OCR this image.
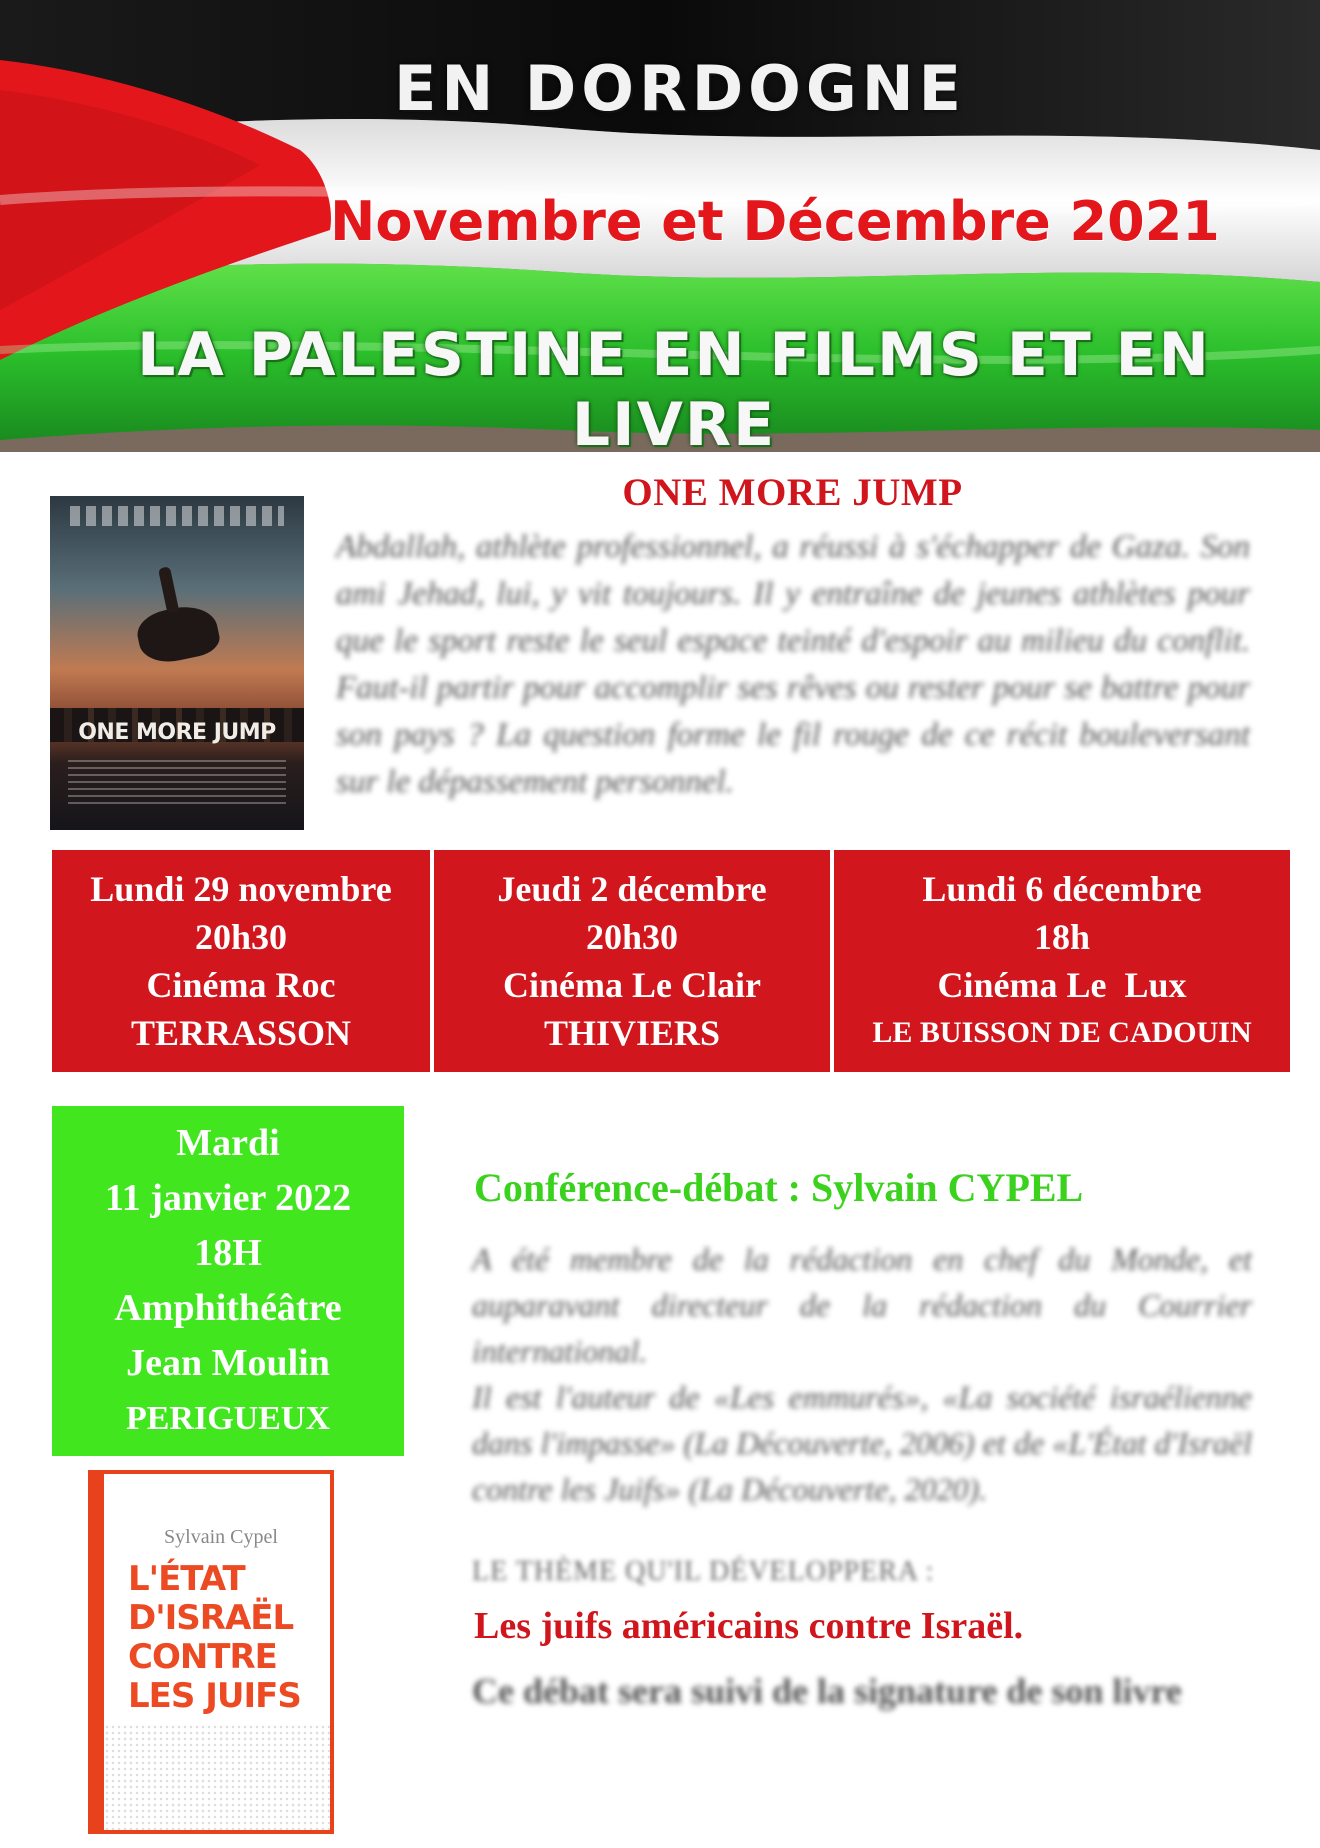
EN DORDOGNE

Novembre et Décembre 2021

LA PALESTINE EN FILMS ET EN LIVRE

ONE MORE JUMP
ONE MORE JUMP

Abdallah, athlète professionnel, a réussi à s'échapper de Gaza. Son ami Jehad, lui, y vit toujours. Il y entraîne de jeunes athlètes pour que le sport reste le seul espace teinté d'espoir au milieu du conflit. Faut-il partir pour accomplir ses rêves ou rester pour se battre pour son pays ? La question forme le fil rouge de ce récit bouleversant sur le dépassement personnel.

Lundi 29 novembre
20h30
Cinéma Roc
TERRASSON
Jeudi 2 décembre
20h30
Cinéma Le Clair
THIVIERS
Lundi 6 décembre
18h
Cinéma Le  Lux
LE BUISSON DE CADOUIN
Mardi
11 janvier 2022
18H
Amphithéâtre
Jean Moulin
PERIGUEUX
Conférence-débat : Sylvain CYPEL
A été membre de la rédaction en chef du Monde, et auparavant directeur de la rédaction du Courrier international.
Il est l'auteur de «Les emmurés», «La société israélienne dans l'impasse» (La Découverte, 2006) et de «L'État d'Israël contre les Juifs» (La Découverte, 2020).

LE THÈME QU'IL DÉVELOPPERA :

Les juifs américains contre Israël.

Ce débat sera suivi de la signature de son livre

Sylvain Cypel
L'ÉTAT
D'ISRAËL
CONTRE
LES JUIFS
